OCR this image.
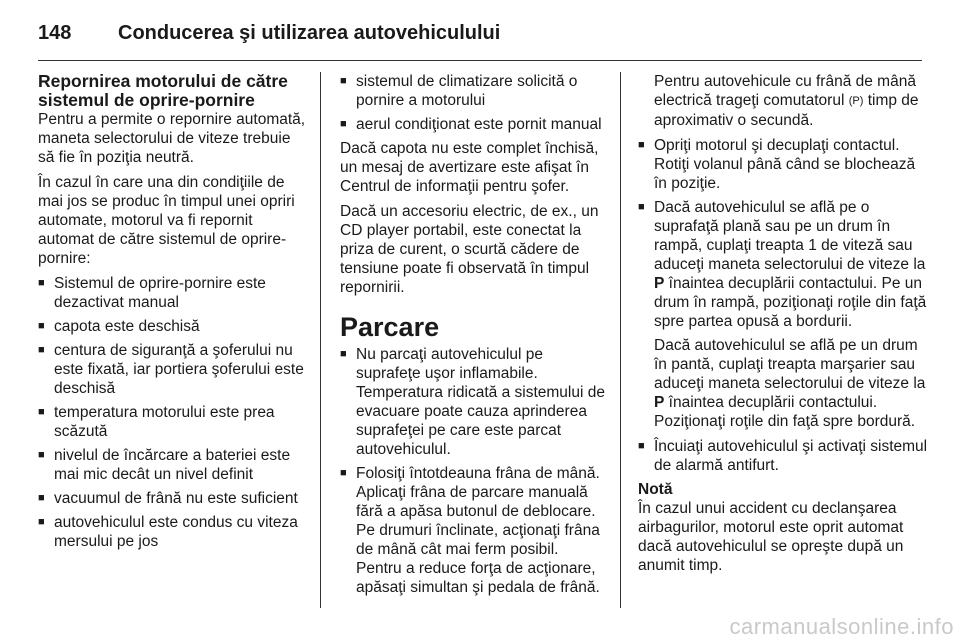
148	Conducerea şi utilizarea autovehiculului
Repornirea motorului de către sistemul de oprire-pornire

Pentru a permite o repornire automată, maneta selectorului de viteze trebuie să fie în poziţia neutră.

În cazul în care una din condiţiile de mai jos se produc în timpul unei opriri automate, motorul va fi repornit automat de către sistemul de oprire-pornire:

■ Sistemul de oprire-pornire este dezactivat manual
■ capota este deschisă
■ centura de siguranţă a şoferului nu este fixată, iar portiera şoferului este deschisă
■ temperatura motorului este prea scăzută
■ nivelul de încărcare a bateriei este mai mic decât un nivel definit
■ vacuumul de frână nu este suficient
■ autovehiculul este condus cu viteza mersului pe jos
■ sistemul de climatizare solicită o pornire a motorului
■ aerul condiţionat este pornit manual

Dacă capota nu este complet închisă, un mesaj de avertizare este afişat în Centrul de informaţii pentru şofer.

Dacă un accesoriu electric, de ex., un CD player portabil, este conectat la priza de curent, o scurtă cădere de tensiune poate fi observată în timpul repornirii.

Parcare
■ Nu parcaţi autovehiculul pe suprafeţe uşor inflamabile. Temperatura ridicată a sistemului de evacuare poate cauza aprinderea suprafeţei pe care este parcat autovehiculul.
■ Folosiţi întotdeauna frâna de mână. Aplicaţi frâna de parcare manuală fără a apăsa butonul de deblocare. Pe drumuri înclinate, acţionaţi frâna de mână cât mai ferm posibil. Pentru a reduce forţa de acţionare, apăsaţi simultan şi pedala de frână.
Pentru autovehicule cu frână de mână electrică trageţi comutatorul (P) timp de aproximativ o secundă.
■ Opriţi motorul şi decuplaţi contactul. Rotiţi volanul până când se blochează în poziţie.
■ Dacă autovehiculul se află pe o suprafaţă plană sau pe un drum în rampă, cuplaţi treapta 1 de viteză sau aduceţi maneta selectorului de viteze la P înaintea decuplării contactului. Pe un drum în rampă, poziţionaţi roţile din faţă spre partea opusă a bordurii.
Dacă autovehiculul se află pe un drum în pantă, cuplaţi treapta marşarier sau aduceţi maneta selectorului de viteze la P înaintea decuplării contactului. Poziţionaţi roţile din faţă spre bordură.
■ Încuiaţi autovehiculul şi activaţi sistemul de alarmă antifurt.
Notă
În cazul unui accident cu declanşarea airbagurilor, motorul este oprit automat dacă autovehiculul se opreşte după un anumit timp.
carmanualsonline.info
